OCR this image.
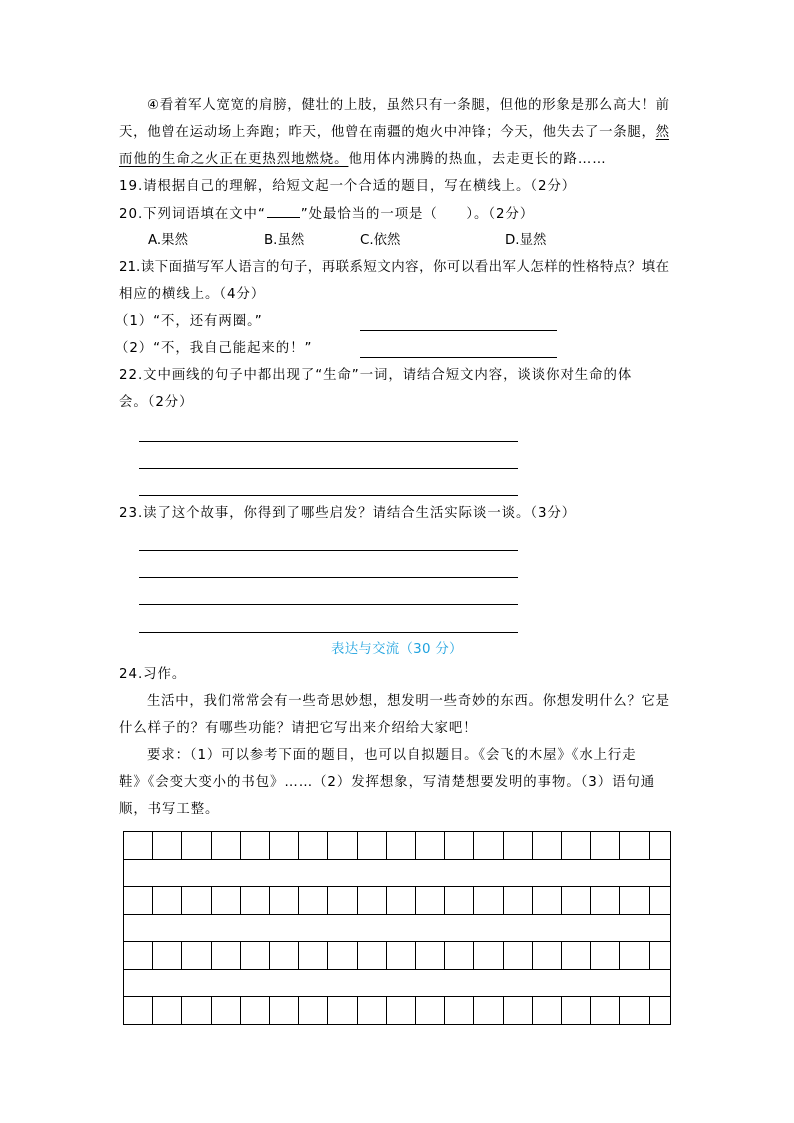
④看着军人宽宽的肩膀，健壮的上肢，虽然只有一条腿，但他的形象是那么高大！前
天，他曾在运动场上奔跑；昨天，他曾在南疆的炮火中冲锋；今天，他失去了一条腿，然
而他的生命之火正在更热烈地燃烧。他用体内沸腾的热血，去走更长的路……
19.请根据自己的理解，给短文起一个合适的题目，写在横线上。（2分）
20.下列词语填在文中“	”处最恰当的一项是（　　）。（2分）
A.果然	B.虽然	C.依然	D.显然
21.读下面描写军人语言的句子，再联系短文内容，你可以看出军人怎样的性格特点？填在
相应的横线上。（4分）
（1）“不，还有两圈。”
（2）“不，我自己能起来的！”
22.文中画线的句子中都出现了“生命”一词，请结合短文内容，谈谈你对生命的体
会。（2分）
23.读了这个故事，你得到了哪些启发？请结合生活实际谈一谈。（3分）
表达与交流（30 分）
24.习作。
生活中，我们常常会有一些奇思妙想，想发明一些奇妙的东西。你想发明什么？它是
什么样子的？有哪些功能？请把它写出来介绍给大家吧！
要求：（1）可以参考下面的题目，也可以自拟题目。《会飞的木屋》《水上行走
鞋》《会变大变小的书包》……（2）发挥想象，写清楚想要发明的事物。（3）语句通
顺，书写工整。
